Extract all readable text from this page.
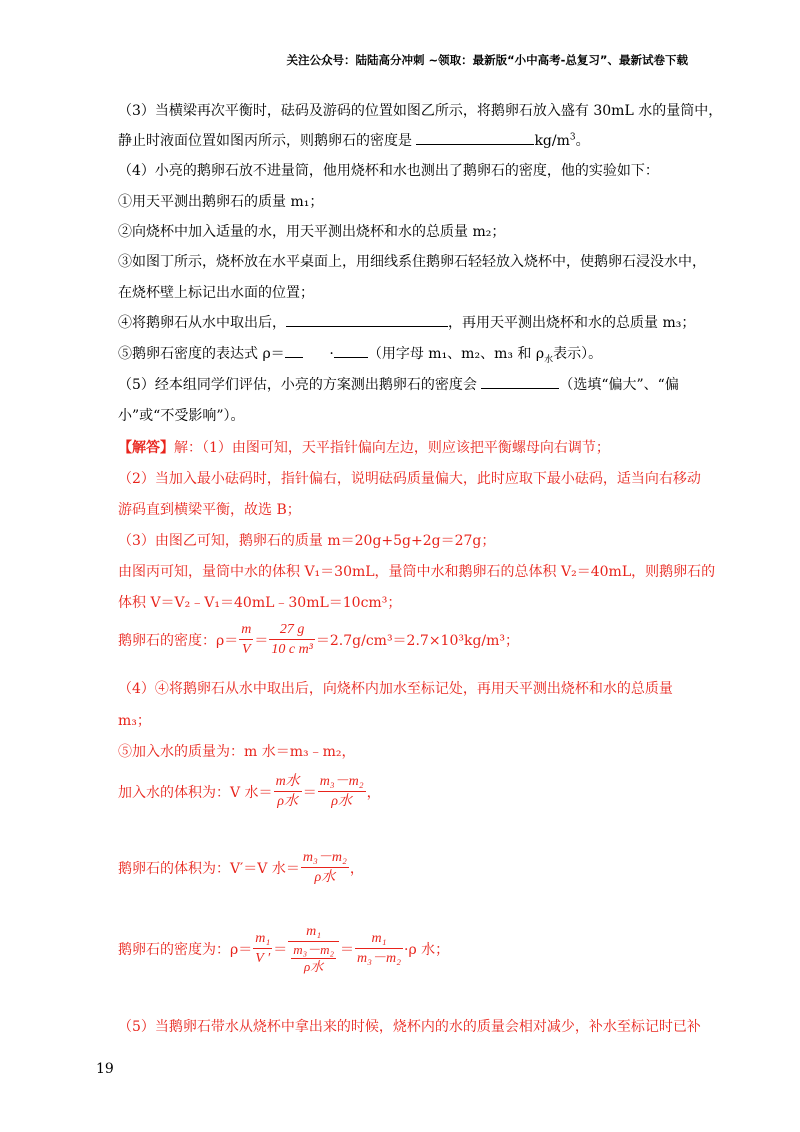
关注公众号：陆陆高分冲刺 ~领取：最新版“小中高考-总复习”、最新试卷下载
（3）当横梁再次平衡时，砝码及游码的位置如图乙所示，将鹅卵石放入盛有 30mL 水的量筒中，
静止时液面位置如图丙所示，则鹅卵石的密度是	$kg/m^3$。
（4）小亮的鹅卵石放不进量筒，他用烧杯和水也测出了鹅卵石的密度，他的实验如下：
①用天平测出鹅卵石的质量 m₁；
②向烧杯中加入适量的水，用天平测出烧杯和水的总质量 m₂；
③如图丁所示，烧杯放在水平桌面上，用细线系住鹅卵石轻轻放入烧杯中，使鹅卵石浸没水中，
在烧杯壁上标记出水面的位置；
④将鹅卵石从水中取出后，	，再用天平测出烧杯和水的总质量 m₃；
⑤鹅卵石密度的表达式 ρ＝	· （用字母 m₁、m₂、m₃ 和 $\rho_水$表示）。
（5）经本组同学们评估，小亮的方案测出鹅卵石的密度会	（选填“偏大”、“偏
小”或“不受影响”）。
【解答】解：（1）由图可知，天平指针偏向左边，则应该把平衡螺母向右调节；
（2）当加入最小砝码时，指针偏右，说明砝码质量偏大，此时应取下最小砝码，适当向右移动
游码直到横梁平衡，故选 B；
（3）由图乙可知，鹅卵石的质量 m＝20g+5g+2g＝27g；
由图丙可知，量筒中水的体积 V₁＝30mL，量筒中水和鹅卵石的总体积 V₂＝40mL，则鹅卵石的
体积 V＝V₂﹣V₁＝40mL﹣30mL＝10cm³；
鹅卵石的密度：$\rho= \frac{m}{V} = \frac{27 g}{\text{10 c m³}} =2.7g/cm^3=2.7\times 10^3kg/m^3$；
（4）④将鹅卵石从水中取出后，向烧杯内加水至标记处，再用天平测出烧杯和水的总质量
m₃；
⑤加入水的质量为：m 水＝m₃﹣m₂，
加入水的体积为：V 水＝ $\frac{\text{m水}}{\text{ρ水}} = \frac{\text{m₃－m₂}}{\text{ρ水}}$ ，
鹅卵石的体积为：V′＝V 水＝ $\frac{\text{m₃－m₂}}{\text{ρ水}}$ ，
鹅卵石的密度为：$\rho= \frac{\text{m₁}}{V '} = \frac{\text{m₁}}{\frac{\text{m₃－m₂}}{\text{ρ水}}} = \frac{\text{m₁}}{\text{m₃－m₂}} \cdot\rho$ 水；
（5）当鹅卵石带水从烧杯中拿出来的时候，烧杯内的水的质量会相对减少，补水至标记时已补
19
